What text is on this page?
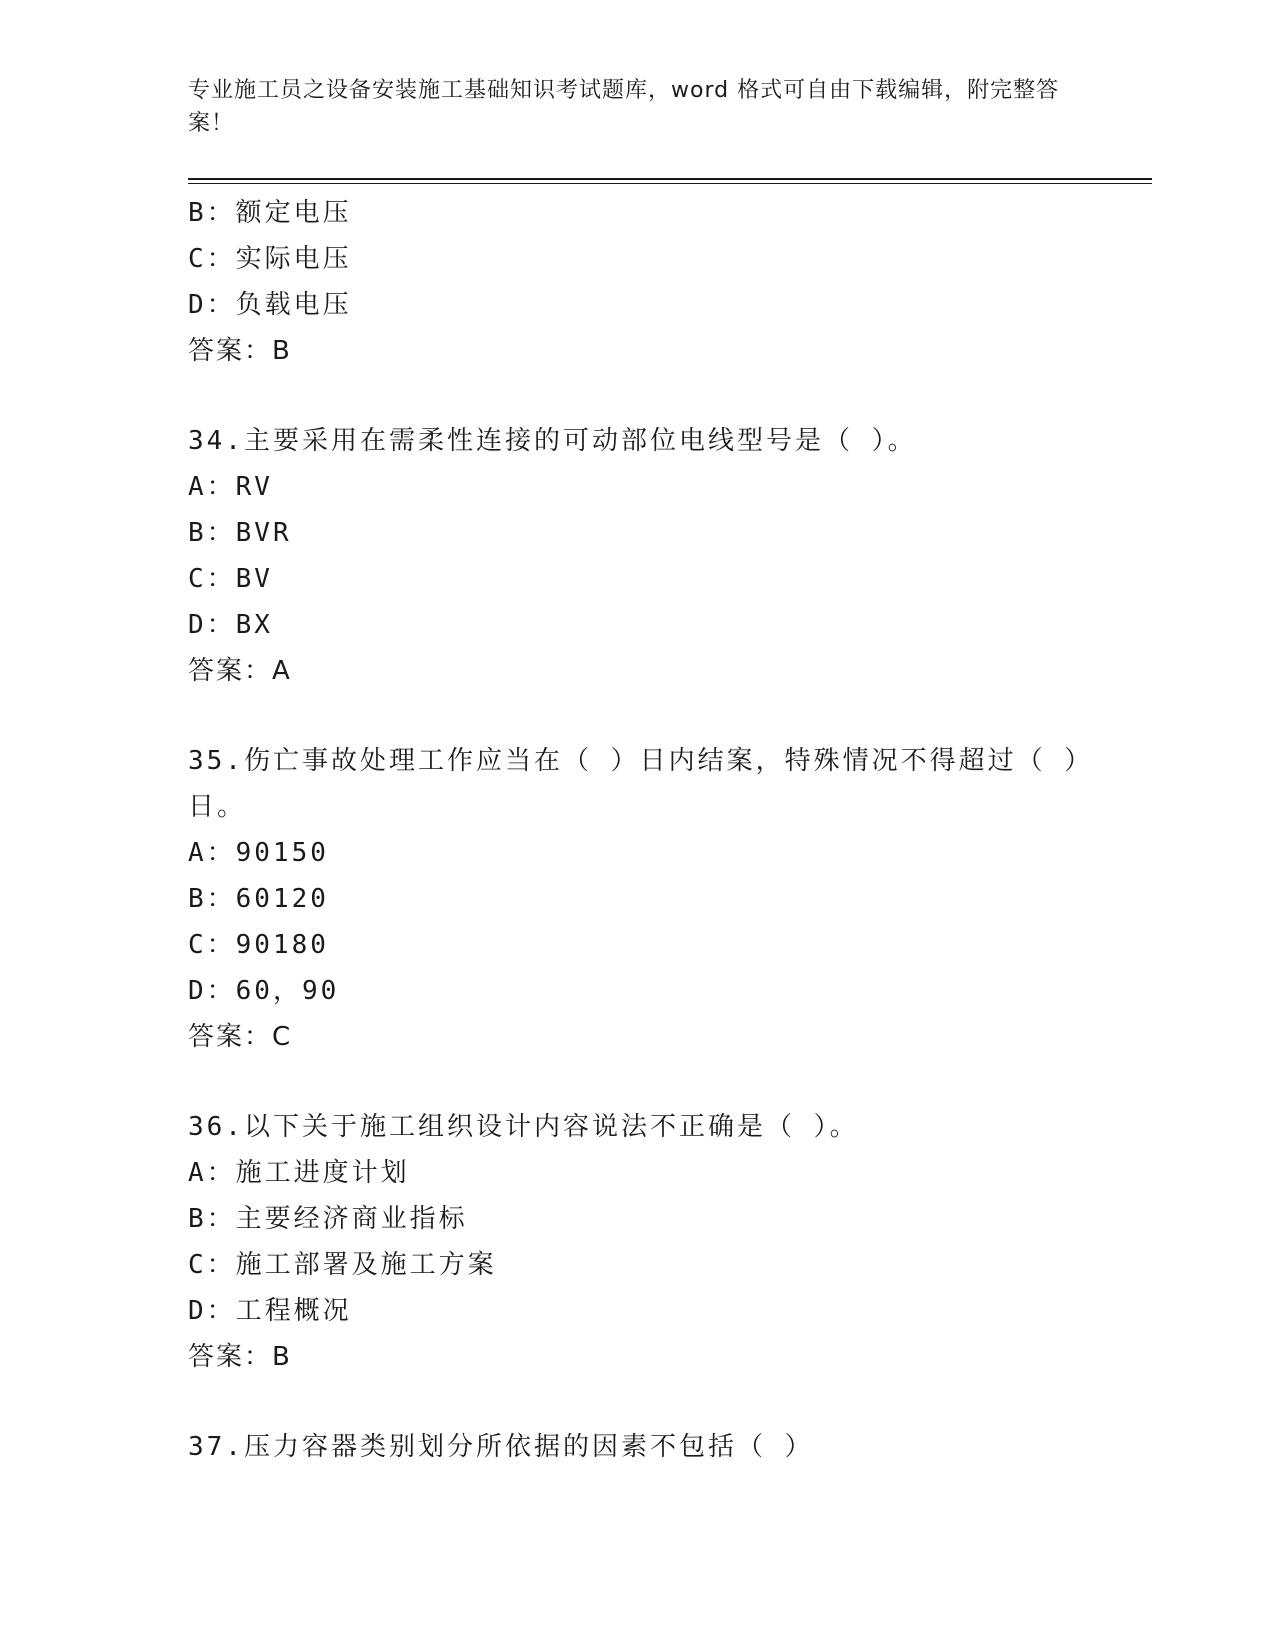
专业施工员之设备安装施工基础知识考试题库，word 格式可自由下载编辑，附完整答案！
B：额定电压
C：实际电压
D：负载电压
答案：B
34.主要采用在需柔性连接的可动部位电线型号是（ ）。
A：RV
B：BVR
C：BV
D：BX
答案：A
35.伤亡事故处理工作应当在（ ）日内结案，特殊情况不得超过（ ）
日。
A：90150
B：60120
C：90180
D：60，90
答案：C
36.以下关于施工组织设计内容说法不正确是（ ）。
A：施工进度计划
B：主要经济商业指标
C：施工部署及施工方案
D：工程概况
答案：B
37.压力容器类别划分所依据的因素不包括（ ）
